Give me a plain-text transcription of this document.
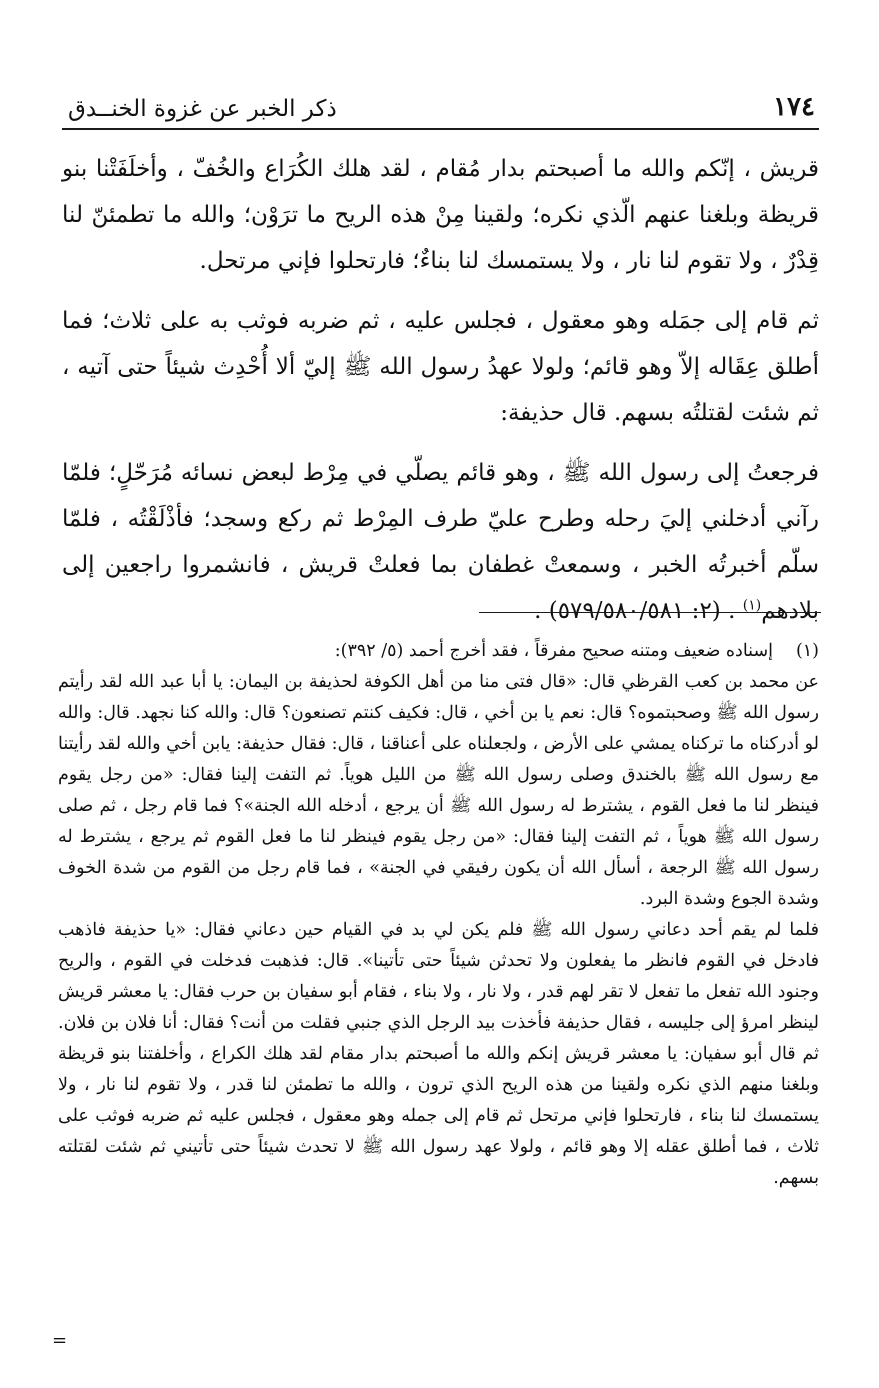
١٧٤
ذكر الخبر عن غزوة الخنــدق

قريش ، إنّكم والله ما أصبحتم بدار مُقام ، لقد هلك الكُرَاع والخُفّ ، وأخلَفَتْنا بنو قريظة وبلغنا عنهم الّذي نكره؛ ولقينا مِنْ هذه الريح ما ترَوْن؛ والله ما تطمئنّ لنا قِدْرٌ ، ولا تقوم لنا نار ، ولا يستمسك لنا بناءٌ؛ فارتحلوا فإني مرتحل.

ثم قام إلى جمَله وهو معقول ، فجلس عليه ، ثم ضربه فوثب به على ثلاث؛ فما أطلق عِقَاله إلاّ وهو قائم؛ ولولا عهدُ رسول الله ﷺ إليّ ألا أُحْدِث شيئاً حتى آتيه ، ثم شئت لقتلتُه بسهم. قال حذيفة:

فرجعتُ إلى رسول الله ﷺ ، وهو قائم يصلّي في مِرْط لبعض نسائه مُرَحّلٍ؛ فلمّا رآني أدخلني إليَ رحله وطرح عليّ طرف المِرْط ثم ركع وسجد؛ فأذْلَقْتُه ، فلمّا سلّم أخبرتُه الخبر ، وسمعتْ غطفان بما فعلتْ قريش ، فانشمروا راجعين إلى بلادهم$^{(١)}$ . (٢: ٥٧٩/٥٨٠/٥٨١) .

(١)
إسناده ضعيف ومتنه صحيح مفرقاً ، فقد أخرج أحمد (٥/ ٣٩٢):

عن محمد بن كعب القرظي قال: «قال فتى منا من أهل الكوفة لحذيفة بن اليمان: يا أبا عبد الله لقد رأيتم رسول الله ﷺ وصحبتموه؟ قال: نعم يا بن أخي ، قال: فكيف كنتم تصنعون؟ قال: والله كنا نجهد. قال: والله لو أدركناه ما تركناه يمشي على الأرض ، ولجعلناه على أعناقنا ، قال: فقال حذيفة: يابن أخي والله لقد رأيتنا مع رسول الله ﷺ بالخندق وصلى رسول الله ﷺ من الليل هوياً. ثم التفت إلينا فقال: «من رجل يقوم فينظر لنا ما فعل القوم ، يشترط له رسول الله ﷺ أن يرجع ، أدخله الله الجنة»؟ فما قام رجل ، ثم صلى رسول الله ﷺ هوياً ، ثم التفت إلينا فقال: «من رجل يقوم فينظر لنا ما فعل القوم ثم يرجع ، يشترط له رسول الله ﷺ الرجعة ، أسأل الله أن يكون رفيقي في الجنة» ، فما قام رجل من القوم من شدة الخوف وشدة الجوع وشدة البرد.

فلما لم يقم أحد دعاني رسول الله ﷺ فلم يكن لي بد في القيام حين دعاني فقال: «يا حذيفة فاذهب فادخل في القوم فانظر ما يفعلون ولا تحدثن شيئاً حتى تأتينا». قال: فذهبت فدخلت في القوم ، والريح وجنود الله تفعل ما تفعل لا تقر لهم قدر ، ولا نار ، ولا بناء ، فقام أبو سفيان بن حرب فقال: يا معشر قريش لينظر امرؤ إلى جليسه ، فقال حذيفة فأخذت بيد الرجل الذي جنبي فقلت من أنت؟ فقال: أنا فلان بن فلان. ثم قال أبو سفيان: يا معشر قريش إنكم والله ما أصبحتم بدار مقام لقد هلك الكراع ، وأخلفتنا بنو قريظة وبلغنا منهم الذي نكره ولقينا من هذه الريح الذي ترون ، والله ما تطمئن لنا قدر ، ولا تقوم لنا نار ، ولا يستمسك لنا بناء ، فارتحلوا فإني مرتحل ثم قام إلى جمله وهو معقول ، فجلس عليه ثم ضربه فوثب على ثلاث ، فما أطلق عقله إلا وهو قائم ، ولولا عهد رسول الله ﷺ لا تحدث شيئاً حتى تأتيني ثم شئت لقتلته بسهم.

=
